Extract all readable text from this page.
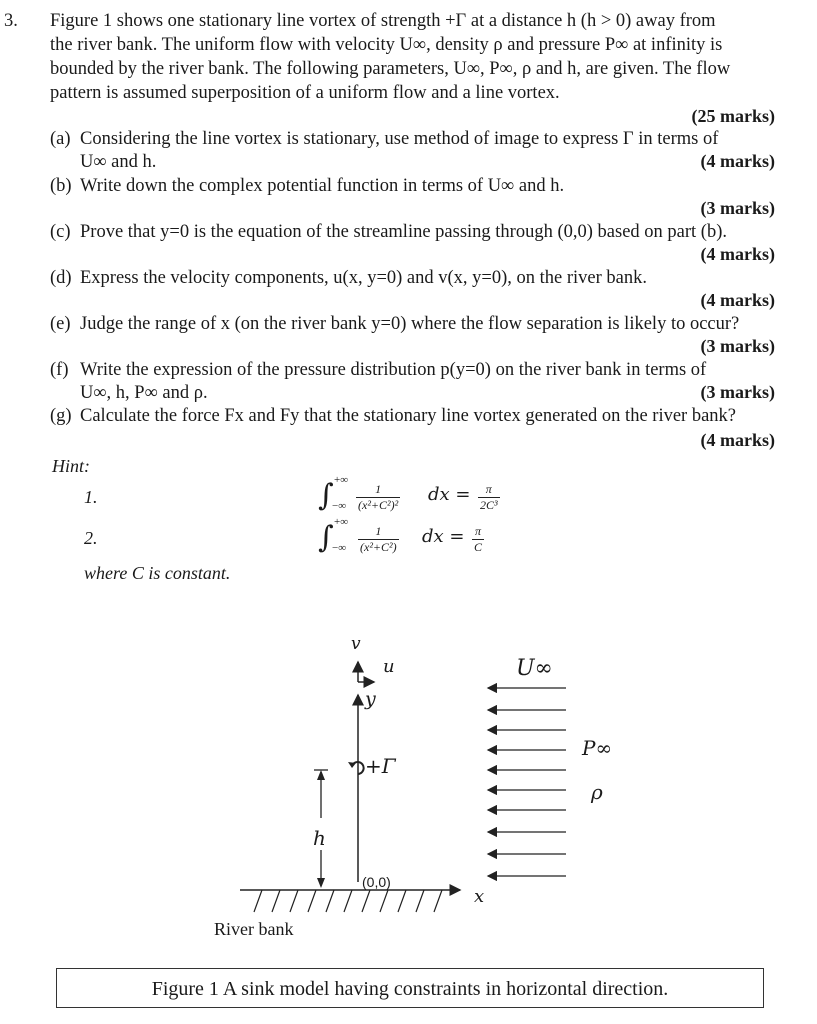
3. Figure 1 shows one stationary line vortex of strength +Γ at a distance h (h > 0) away from
the river bank. The uniform flow with velocity U∞, density ρ and pressure P∞ at infinity is
bounded by the river bank. The following parameters, U∞, P∞, ρ and h, are given. The flow
pattern is assumed superposition of a uniform flow and a line vortex.
(25 marks)
(a) Considering the line vortex is stationary, use method of image to express Γ in terms of
U∞ and h.	(4 marks)
(b) Write down the complex potential function in terms of U∞ and h.
(3 marks)
(c) Prove that y=0 is the equation of the streamline passing through (0,0) based on part (b).
(4 marks)
(d) Express the velocity components, u(x, y=0) and v(x, y=0), on the river bank.
(4 marks)
(e) Judge the range of x (on the river bank y=0) where the flow separation is likely to occur?
(3 marks)
(f) Write the expression of the pressure distribution p(y=0) on the river bank in terms of
U∞, h, P∞ and ρ.	(3 marks)
(g) Calculate the force Fx and Fy that the stationary line vortex generated on the river bank?
(4 marks)
Hint:
1.
2.
∫ +∞
−∞ $\frac{1}{\text{(x²+C²)²}}$ dx = $\frac{\pi}{\text{2C³}}$
∫ +∞
−∞ $\frac{1}{\text{(x²+C²)}}$ dx = $\frac{\pi}{C}$
where C is constant.
v
u
y
+Γ
h
(0,0)
x
River bank
U∞
P∞
ρ
Figure 1 A sink model having constraints in horizontal direction.
